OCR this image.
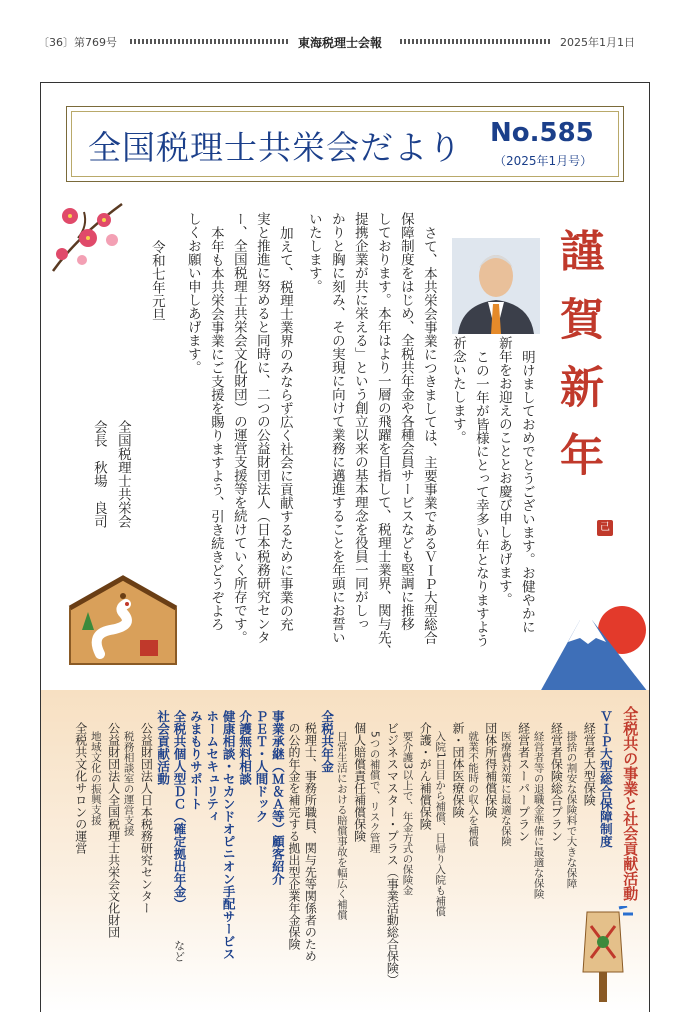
〔36〕 第769号	東海税理士会報	2025年1月1日
全国税理士共栄会だより No.585
（2025年1月号）
謹賀新年
己
明けましておめでとうございます。お健やかに
新年をお迎えのこととお慶び申しあげます。
この一年が皆様にとって幸多い年となりますよう
祈念いたします。
さて、本共栄会事業につきましては、主要事業であるＶＩＰ大型総合
保障制度をはじめ、全税共年金や各種会員サービスなども堅調に推移
しております。本年はより一層の飛躍を目指して、税理士業界、関与先、
提携企業が共に栄える」という創立以来の基本理念を役員一同がしっ
かりと胸に刻み、その実現に向けて業務に邁進することを年頭にお誓い
いたします。
加えて、税理士業界のみならず広く社会に貢献するために事業の充
実と推進に努めると同時に、二つの公益財団法人（日本税務研究センタ
ー、全国税理士共栄会文化財団）の運営支援等を続けていく所存です。
本年も本共栄会事業にご支援を賜りますよう、引き続きどうぞよろ
しくお願い申しあげます。
令和七年元旦
全国税理士共栄会
会長　秋場　良司
全税共の事業と社会貢献活動
ＶＩＰ大型総合保障制度
　経営者大型保険
　　掛捨の割安な保険料で大きな保障
　経営者保険総合プラン
　　経営者等の退職金準備に最適な保険
　経営者スーパープラン
　　医療費対策に最適な保険
　団体所得補償保険
　　就業不能時の収入を補償
　新・団体医療保険
　　入院1日目から補償、日帰り入院も補償
　介護・がん補償保険
　　要介護3以上で、年金方式の保険金
　ビジネスマスター・プラス（事業活動総合保険）
　　5つの補償で、リスク管理
　個人賠償責任補償保険
　　日常生活における賠償事故を幅広く補償
全税共年金
　税理士、事務所職員、関与先等関係者のため
　の公的年金を補完する拠出型企業年金保険
事業承継（Ｍ＆Ａ等）顧客紹介
ＰＥＴ・人間ドック
介護無料相談
健康相談・セカンドオピニオン手配サービス
ホームセキュリティ
みまもりサポート
全税共個人型ＤＣ（確定拠出年金）
など
社会貢献活動
　公益財団法人日本税務研究センター
　　税務相談室の運営支援
　公益財団法人全国税理士共栄会文化財団
　　地域文化の振興支援
　全税共文化サロンの運営
